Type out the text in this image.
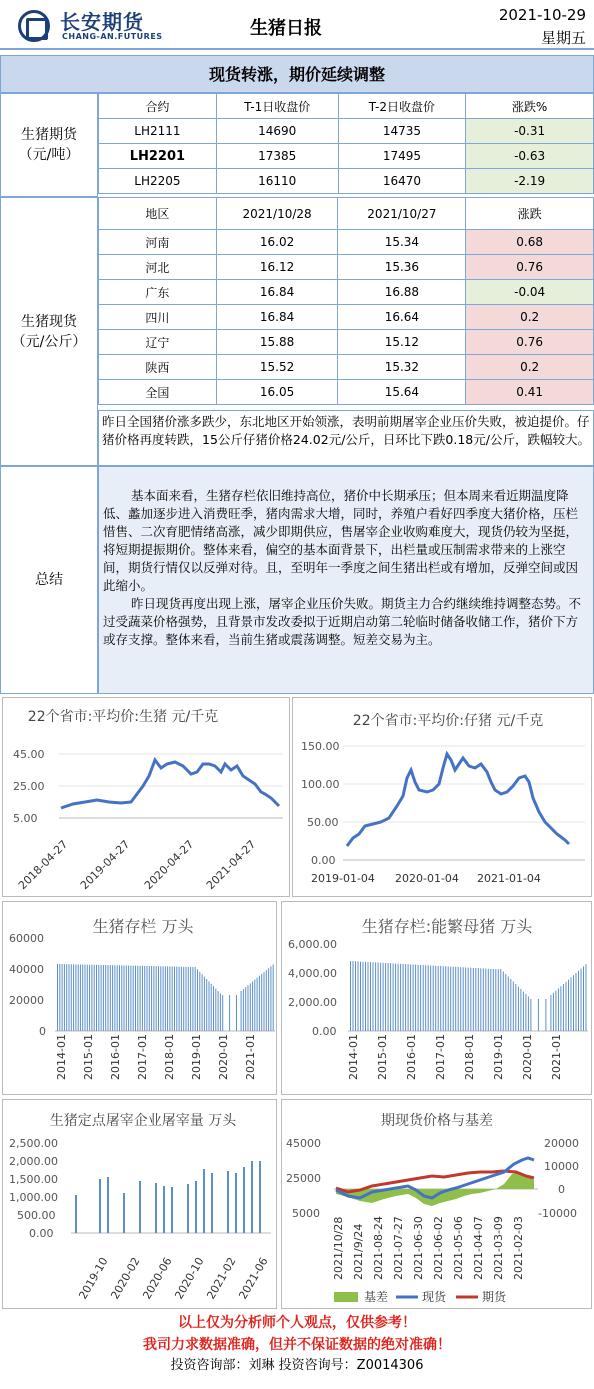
长安期货
CHANG-AN.FUTURES	生猪日报
2021-10-29
星期五
现货转涨，期价延续调整
生猪期货
（元/吨）
合约	T-1日收盘价	T-2日收盘价	涨跌%
LH2111	14690	14735	-0.31
LH2201	17385	17495	-0.63
LH2205	16110	16470	-2.19
生猪现货
（元/公斤）
地区	2021/10/28	2021/10/27	涨跌
河南	16.02	15.34	0.68
河北	16.12	15.36	0.76
广东	16.84	16.88	-0.04
四川	16.84	16.64	0.2
辽宁	15.88	15.12	0.76
陕西	15.52	15.32	0.2
全国	16.05	15.64	0.41
昨日全国猪价涨多跌少，东北地区开始领涨，表明前期屠宰企业压价失败，被迫提价。仔猪价格再度转跌，15公斤仔猪价格24.02元/公斤，日环比下跌0.18元/公斤，跌幅较大。
总结

基本面来看，生猪存栏依旧维持高位，猪价中长期承压；但本周来看近期温度降低、蠡加逐步进入消费旺季，猪肉需求大增，同时，养殖户看好四季度大猪价格，压栏惜售、二次育肥情绪高涨，减少即期供应，售屠宰企业收购难度大，现货仍较为坚挺，将短期提振期价。整体来看，偏空的基本面背景下，出栏量或压制需求带来的上涨空间，期货行情仅以反弹对待。且，至明年一季度之间生猪出栏或有增加，反弹空间或因此缩小。

昨日现货再度出现上涨，屠宰企业压价失败。期货主力合约继续维持调整态势。不过受蔬菜价格强势，且背景市发改委拟于近期启动第二轮临时储备收储工作，猪价下方或存支撑。整体来看，当前生猪或震荡调整。短差交易为主。

22个省市:平均价:生猪 元/千克
45.00
25.00
5.00
2018-04-27 2019-04-27 2020-04-27 2021-04-27
22个省市:平均价:仔猪 元/千克
150.00
100.00
50.00
0.00
2019-01-04 2020-01-04 2021-01-04
生猪存栏 万头
60000
40000
20000
0
2014-01 2015-01 2016-01 2017-01 2018-01 2019-01 2020-01 2021-01
生猪存栏:能繁母猪 万头
6,000.00
4,000.00
2,000.00
0.00
2014-01 2015-01 2016-01 2017-01 2018-01 2019-01 2020-01 2021-01
生猪定点屠宰企业屠宰量 万头
2,500.00
2,000.00
1,500.00
1,000.00
500.00
0.00
2019-10
2020-02
2020-06
2020-10
2021-02
2021-06
期现货价格与基差
45000
25000
5000
20000
10000
0
-10000
2021/10/28 2021/9/24 2021-08-24 2021-07-27 2021-06-30 2021-06-02 2021-05-06 2021-04-07 2021-03-09 2021-02-03
基差	现货	期货
以上仅为分析师个人观点，仅供参考！
我司力求数据准确，但并不保证数据的绝对准确！
投资咨询部：刘琳 投资咨询号：Z0014306
